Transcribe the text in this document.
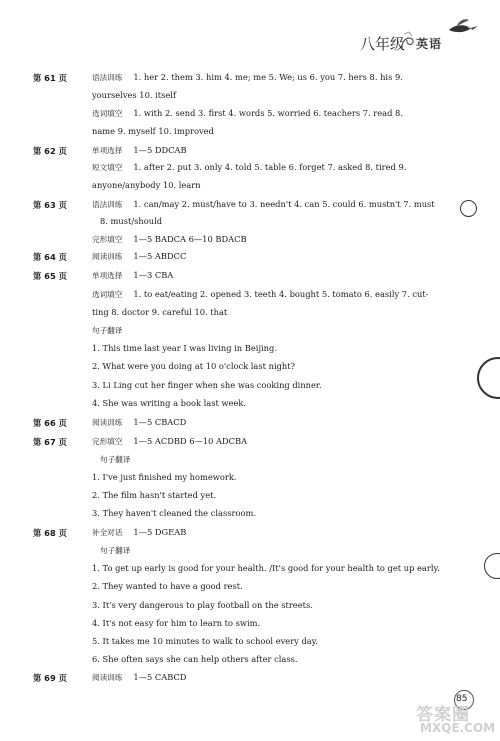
八年级 英语
第 61 页	语法训练 1. her 2. them 3. him 4. me; me 5. We; us 6. you 7. hers 8. his 9.
yourselves 10. itself
选词填空 1. with 2. send 3. first 4. words 5. worried 6. teachers 7. read 8.
name 9. myself 10. improved
第 62 页	单项选择 1—5 DDCAB
短文填空 1. after 2. put 3. only 4. told 5. table 6. forget 7. asked 8. tired 9.
anyone/anybody 10. learn
第 63 页	语法训练 1. can/may 2. must/have to 3. needn't 4. can 5. could 6. mustn't 7. must
8. must/should
完形填空 1—5 BADCA 6—10 BDACB
第 64 页	阅读训练 1—5 ABDCC
第 65 页	单项选择 1—3 CBA
选词填空 1. to eat/eating 2. opened 3. teeth 4. bought 5. tomato 6. easily 7. cut-
ting 8. doctor 9. careful 10. that
句子翻译
1. This time last year I was living in Beijing.
2. What were you doing at 10 o'clock last night?
3. Li Ling cut her finger when she was cooking dinner.
4. She was writing a book last week.
第 66 页	阅读训练 1—5 CBACD
第 67 页	完形填空 1—5 ACDBD 6—10 ADCBA
句子翻译
1. I've just finished my homework.
2. The film hasn't started yet.
3. They haven't cleaned the classroom.
第 68 页	补全对话 1—5 DGEAB
句子翻译
1. To get up early is good for your health. /It's good for your health to get up early.
2. They wanted to have a good rest.
3. It's very dangerous to play football on the streets.
4. It's not easy for him to learn to swim.
5. It takes me 10 minutes to walk to school every day.
6. She often says she can help others after class.
第 69 页	阅读训练 1—5 CABCD
85
答案圈
MXQE.COM
